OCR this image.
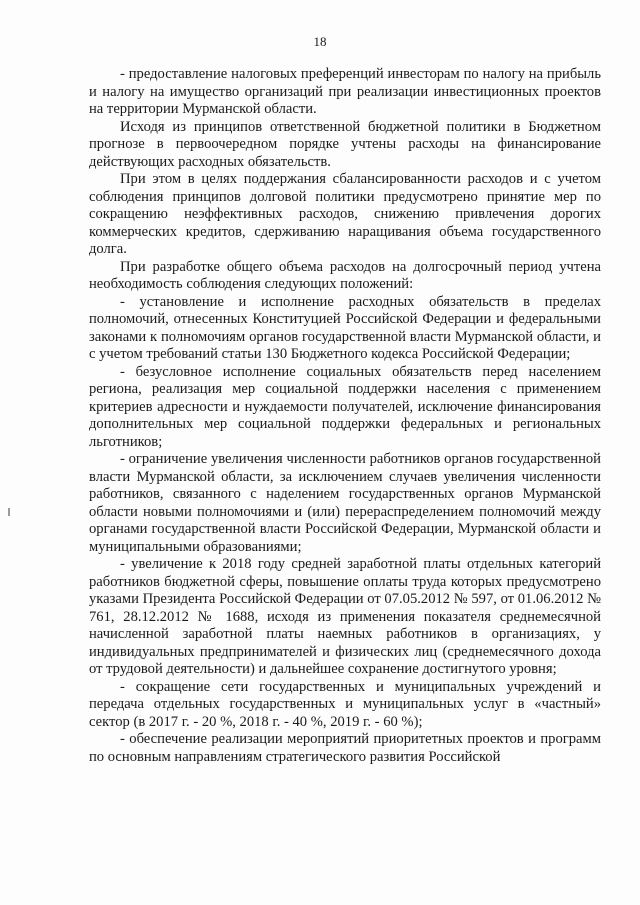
18

- предоставление налоговых преференций инвесторам по налогу на прибыль и налогу на имущество организаций при реализации инвестиционных проектов на территории Мурманской области.

Исходя из принципов ответственной бюджетной политики в Бюджетном прогнозе в первоочередном порядке учтены расходы на финансирование действующих расходных обязательств.

При этом в целях поддержания сбалансированности расходов и с учетом соблюдения принципов долговой политики предусмотрено принятие мер по сокращению неэффективных расходов, снижению привлечения дорогих коммерческих кредитов, сдерживанию наращивания объема государственного долга.

При разработке общего объема расходов на долгосрочный период учтена необходимость соблюдения следующих положений:

- установление и исполнение расходных обязательств в пределах полномочий, отнесенных Конституцией Российской Федерации и федеральными законами к полномочиям органов государственной власти Мурманской области, и с учетом требований статьи 130 Бюджетного кодекса Российской Федерации;

- безусловное исполнение социальных обязательств перед населением региона, реализация мер социальной поддержки населения с применением критериев адресности и нуждаемости получателей, исключение финансирования дополнительных мер социальной поддержки федеральных и региональных льготников;

- ограничение увеличения численности работников органов государственной власти Мурманской области, за исключением случаев увеличения численности работников, связанного с наделением государственных органов Мурманской области новыми полномочиями и (или) перераспределением полномочий между органами государственной власти Российской Федерации, Мурманской области и муниципальными образованиями;

- увеличение к 2018 году средней заработной платы отдельных категорий работников бюджетной сферы, повышение оплаты труда которых предусмотрено указами Президента Российской Федерации от 07.05.2012 № 597, от 01.06.2012 № 761, 28.12.2012 № 1688, исходя из применения показателя среднемесячной начисленной заработной платы наемных работников в организациях, у индивидуальных предпринимателей и физических лиц (среднемесячного дохода от трудовой деятельности) и дальнейшее сохранение достигнутого уровня;

- сокращение сети государственных и муниципальных учреждений и передача отдельных государственных и муниципальных услуг в «частный» сектор (в 2017 г. - 20 %, 2018 г. - 40 %, 2019 г. - 60 %);

- обеспечение реализации мероприятий приоритетных проектов и программ по основным направлениям стратегического развития Российской
